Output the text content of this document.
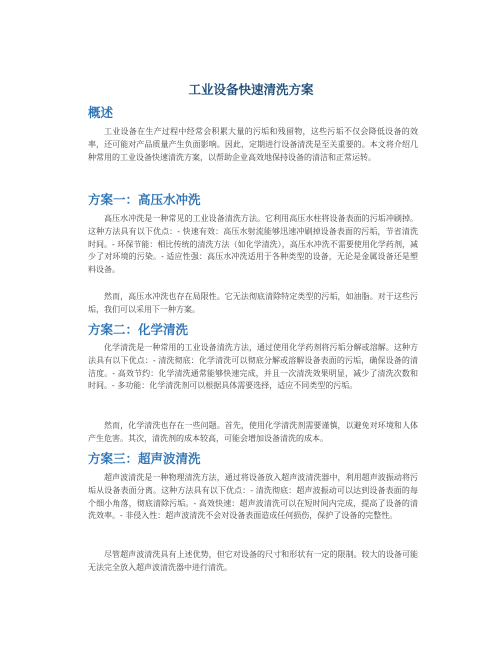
工业设备快速清洗方案
概述

工业设备在生产过程中经常会积累大量的污垢和残留物，这些污垢不仅会降低设备的效率，还可能对产品质量产生负面影响。因此，定期进行设备清洗是至关重要的。本文将介绍几种常用的工业设备快速清洗方案，以帮助企业高效地保持设备的清洁和正常运转。

方案一：高压水冲洗

高压水冲洗是一种常见的工业设备清洗方法。它利用高压水柱将设备表面的污垢冲刷掉。这种方法具有以下优点：- 快速有效：高压水射流能够迅速冲刷掉设备表面的污垢，节省清洗时间。- 环保节能：相比传统的清洗方法（如化学清洗），高压水冲洗不需要使用化学药剂，减少了对环境的污染。- 适应性强：高压水冲洗适用于各种类型的设备，无论是金属设备还是塑料设备。

然而，高压水冲洗也存在局限性。它无法彻底清除特定类型的污垢，如油脂。对于这些污垢，我们可以采用下一种方案。

方案二：化学清洗

化学清洗是一种常用的工业设备清洗方法，通过使用化学药剂将污垢分解或溶解。这种方法具有以下优点：- 清洗彻底：化学清洗可以彻底分解或溶解设备表面的污垢，确保设备的清洁度。- 高效节约：化学清洗通常能够快速完成，并且一次清洗效果明显，减少了清洗次数和时间。- 多功能：化学清洗剂可以根据具体需要选择，适应不同类型的污垢。

然而，化学清洗也存在一些问题。首先，使用化学清洗剂需要谨慎，以避免对环境和人体产生危害。其次，清洗剂的成本较高，可能会增加设备清洗的成本。

方案三：超声波清洗

超声波清洗是一种物理清洗方法，通过将设备放入超声波清洗器中，利用超声波振动将污垢从设备表面分离。这种方法具有以下优点：- 清洗彻底：超声波振动可以达到设备表面的每个细小角落，彻底清除污垢。- 高效快速：超声波清洗可以在短时间内完成，提高了设备的清洗效率。- 非侵入性：超声波清洗不会对设备表面造成任何损伤，保护了设备的完整性。

尽管超声波清洗具有上述优势，但它对设备的尺寸和形状有一定的限制。较大的设备可能无法完全放入超声波清洗器中进行清洗。
